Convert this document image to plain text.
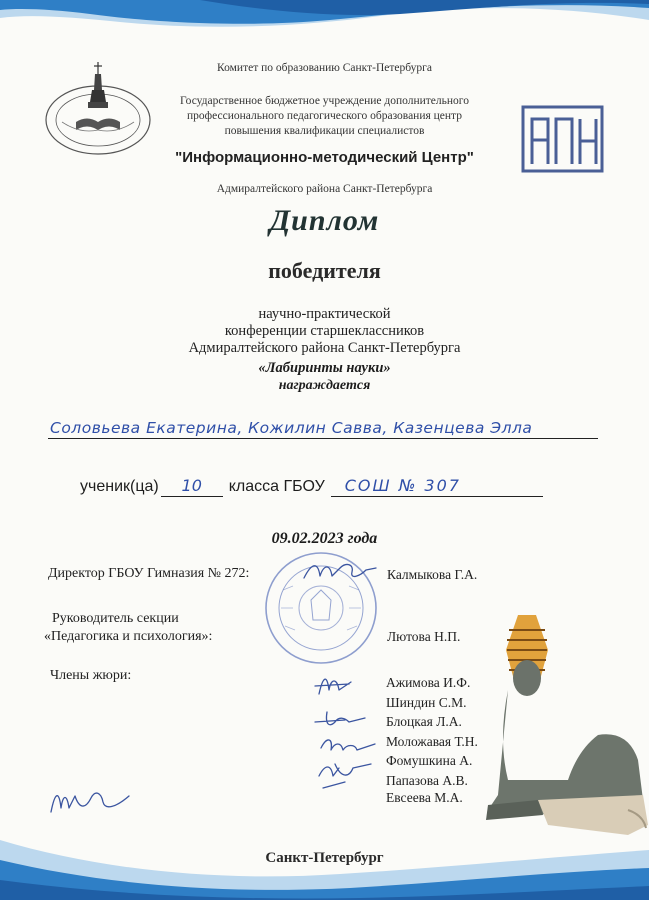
Комитет по образованию Санкт-Петербурга
Государственное бюджетное учреждение дополнительного
профессионального педагогического образования центр
повышения квалификации специалистов
"Информационно-методический Центр"
Адмиралтейского района Санкт-Петербурга
Диплом
победителя
научно-практической
конференции старшеклассников
Адмиралтейского района Санкт-Петербурга
«Лабиринты науки»
награждается
Соловьева Екатерина, Кожилин Савва, Казенцева Элла
ученик(ца) 10 класса ГБОУ СОШ № 307
09.02.2023 года
Директор ГБОУ Гимназия № 272:	Калмыкова Г.А.
Руководитель секции
«Педагогика и психология»:	Лютова Н.П.
Члены жюри:	Ажимова И.Ф.
Шиндин С.М.
Блоцкая Л.А.
Моложавая Т.Н.
Фомушкина А.
Папазова А.В.
Евсеева М.А.
Санкт-Петербург
